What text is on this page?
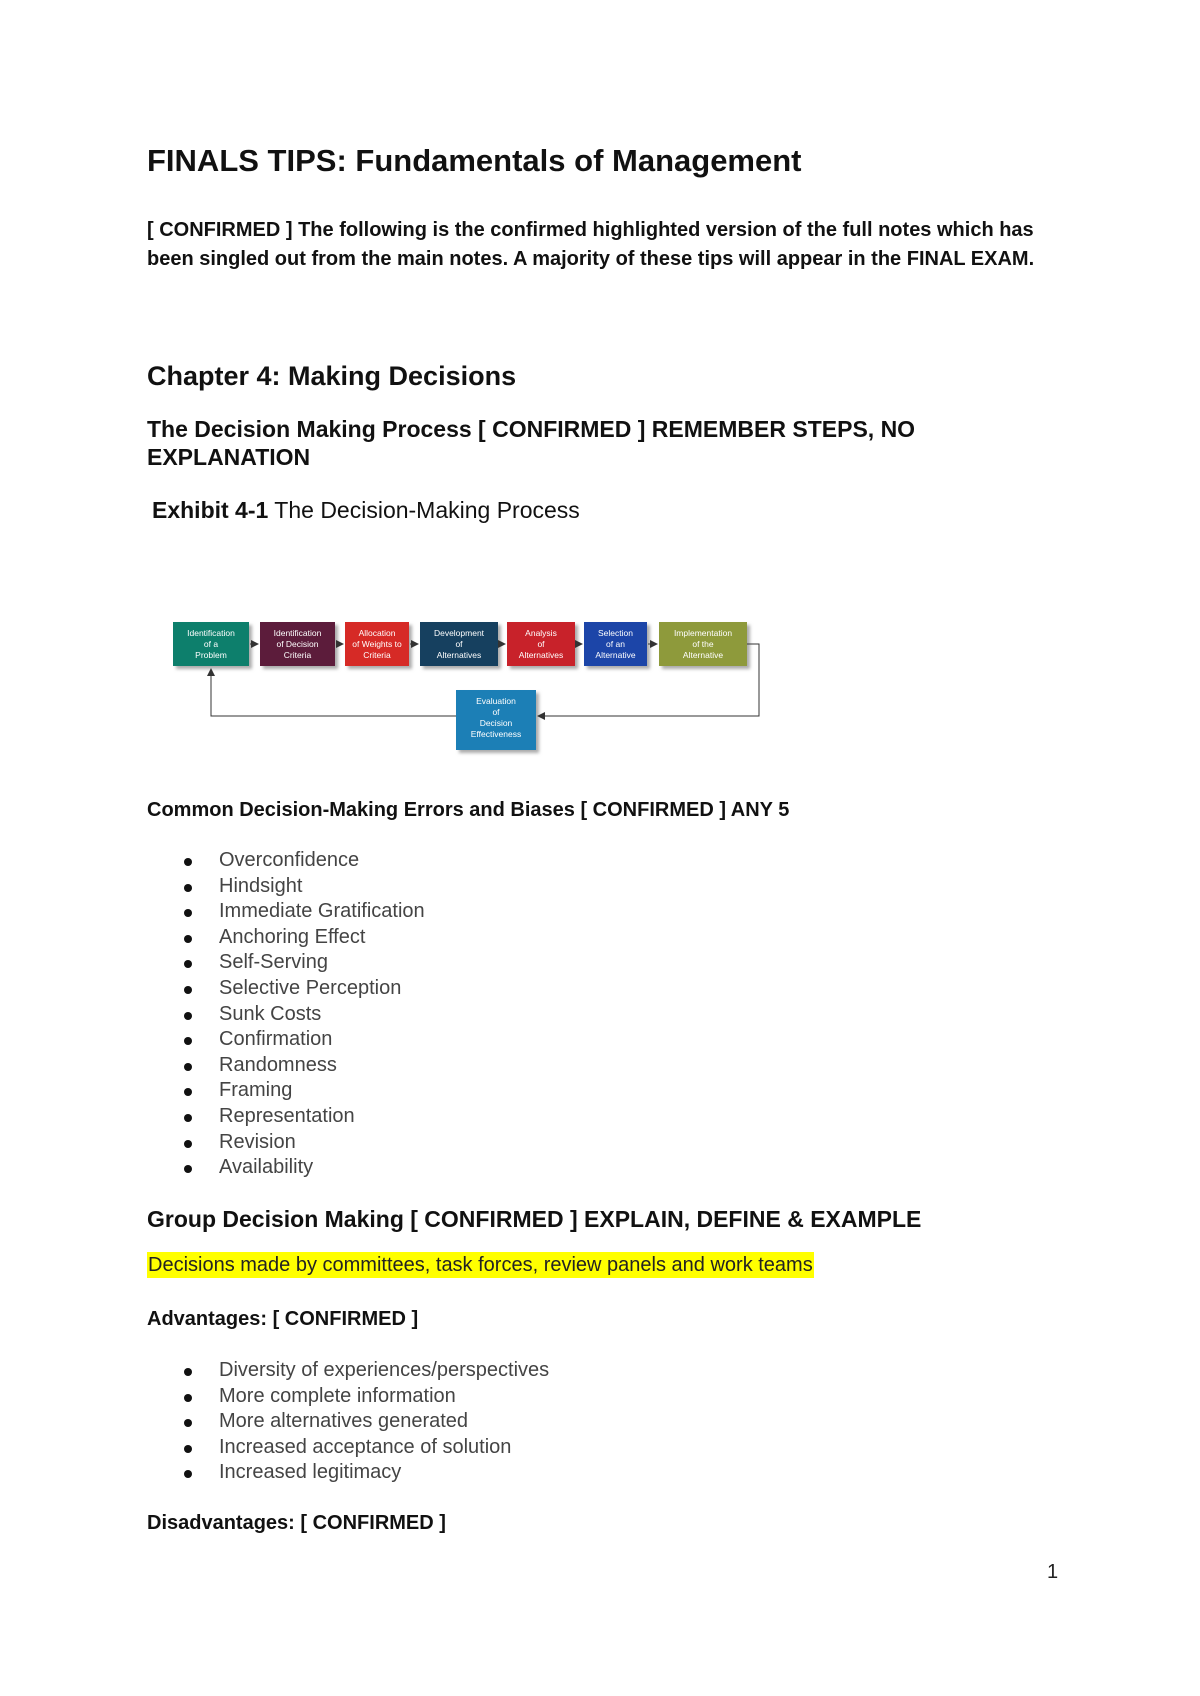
FINALS TIPS: Fundamentals of Management

[ CONFIRMED ] The following is the confirmed highlighted version of the full notes which has been singled out from the main notes. A majority of these tips will appear in the FINAL EXAM.

Chapter 4: Making Decisions
The Decision Making Process [ CONFIRMED ] REMEMBER STEPS, NO EXPLANATION
Exhibit 4-1 The Decision-Making Process
Identification of a Problem
Identification of Decision Criteria
Allocation of Weights to Criteria
Development of Alternatives
Analysis of Alternatives
Selection of an Alternative
Implementation of the Alternative
Evaluation of Decision Effectiveness

Common Decision-Making Errors and Biases [ CONFIRMED ] ANY 5

Overconfidence
Hindsight
Immediate Gratification
Anchoring Effect
Self-Serving
Selective Perception
Sunk Costs
Confirmation
Randomness
Framing
Representation
Revision
Availability

Group Decision Making [ CONFIRMED ] EXPLAIN, DEFINE & EXAMPLE

Decisions made by committees, task forces, review panels and work teams

Advantages: [ CONFIRMED ]

Diversity of experiences/perspectives
More complete information
More alternatives generated
Increased acceptance of solution
Increased legitimacy

Disadvantages: [ CONFIRMED ]

1
